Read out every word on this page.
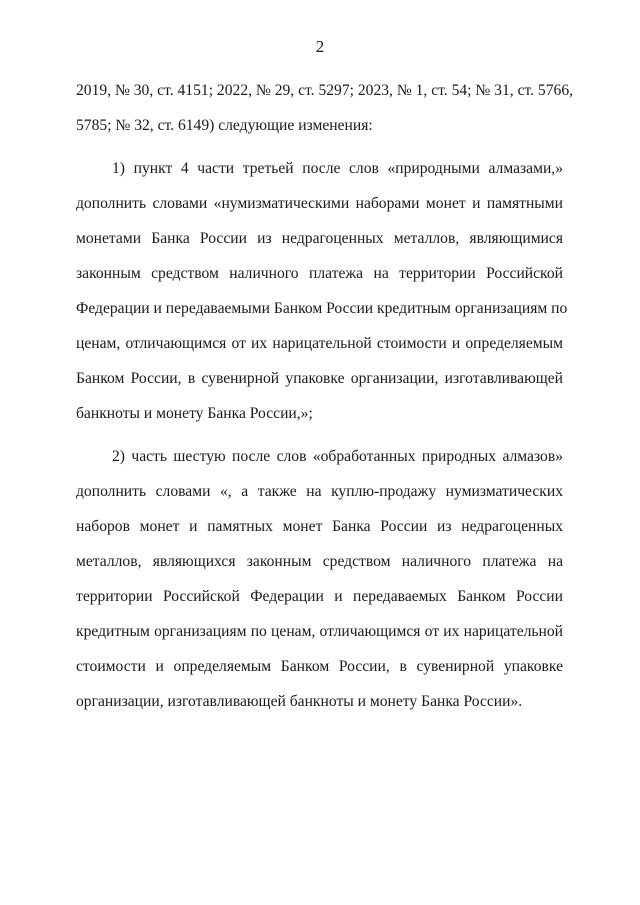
2
2019, № 30, ст. 4151; 2022, № 29, ст. 5297; 2023, № 1, ст. 54; № 31, ст. 5766,
5785; № 32, ст. 6149) следующие изменения:
1) пункт 4 части третьей после слов «природными алмазами,»
дополнить словами «нумизматическими наборами монет и памятными
монетами Банка России из недрагоценных металлов, являющимися
законным средством наличного платежа на территории Российской
Федерации и передаваемыми Банком России кредитным организациям по
ценам, отличающимся от их нарицательной стоимости и определяемым
Банком России, в сувенирной упаковке организации, изготавливающей
банкноты и монету Банка России,»;
2) часть шестую после слов «обработанных природных алмазов»
дополнить словами «, а также на куплю-продажу нумизматических
наборов монет и памятных монет Банка России из недрагоценных
металлов, являющихся законным средством наличного платежа на
территории Российской Федерации и передаваемых Банком России
кредитным организациям по ценам, отличающимся от их нарицательной
стоимости и определяемым Банком России, в сувенирной упаковке
организации, изготавливающей банкноты и монету Банка России».
